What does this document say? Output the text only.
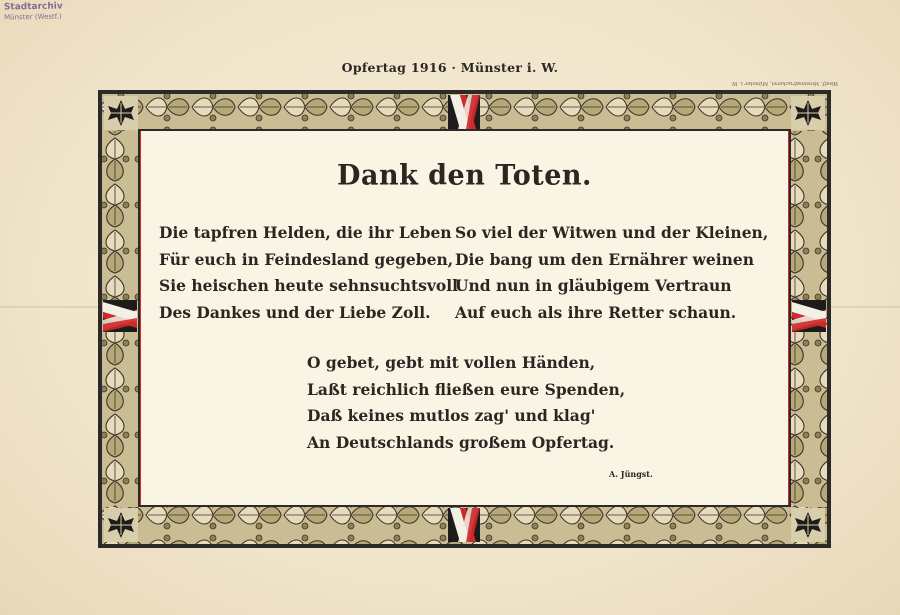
Stadtarchiv
Münster (Westf.)
Opfertag 1916 · Münster i. W.
Westf. Vereinsdruckerei, Münster i. W.
Dank den Toten.
Die tapfren Helden, die ihr Leben
Für euch in Feindesland gegeben,
Sie heischen heute sehnsuchtsvoll
Des Dankes und der Liebe Zoll.
So viel der Witwen und der Kleinen,
Die bang um den Ernährer weinen
Und nun in gläubigem Vertraun
Auf euch als ihre Retter schaun.
O gebet, gebt mit vollen Händen,
Laßt reichlich fließen eure Spenden,
Daß keines mutlos zag' und klag'
An Deutschlands großem Opfertag.
A. Jüngst.
